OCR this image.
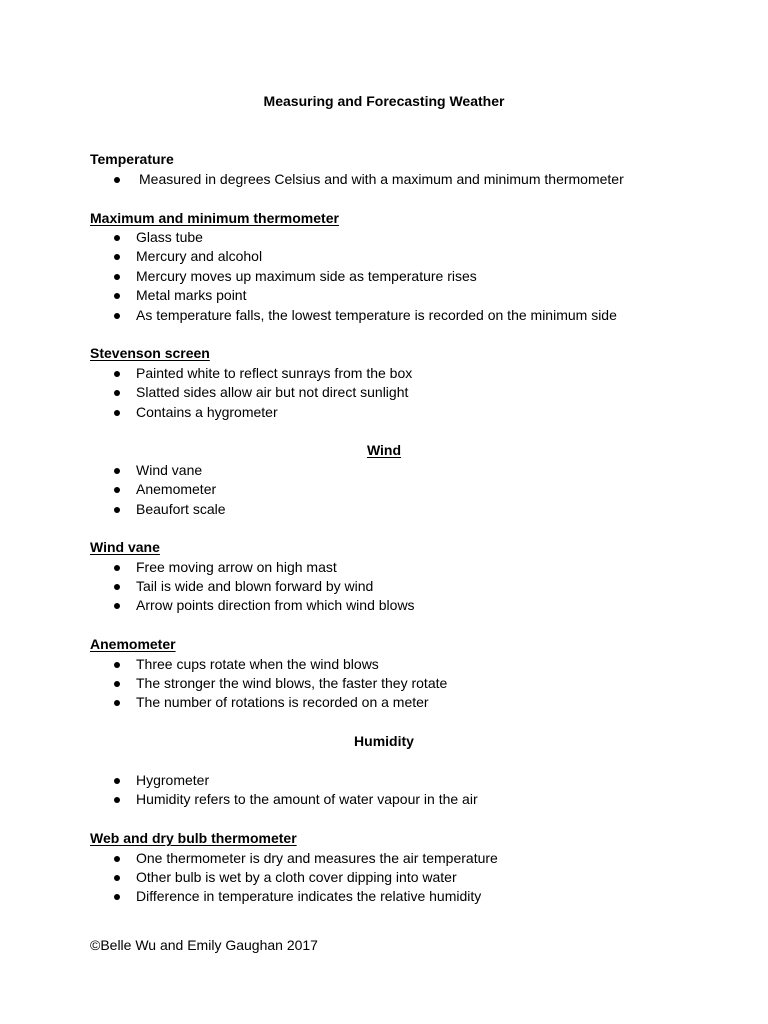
Measuring and Forecasting Weather
Temperature
Measured in degrees Celsius and with a maximum and minimum thermometer
Maximum and minimum thermometer
Glass tube
Mercury and alcohol
Mercury moves up maximum side as temperature rises
Metal marks point
As temperature falls, the lowest temperature is recorded on the minimum side
Stevenson screen
Painted white to reflect sunrays from the box
Slatted sides allow air but not direct sunlight
Contains a hygrometer
Wind
Wind vane
Anemometer
Beaufort scale
Wind vane
Free moving arrow on high mast
Tail is wide and blown forward by wind
Arrow points direction from which wind blows
Anemometer
Three cups rotate when the wind blows
The stronger the wind blows, the faster they rotate
The number of rotations is recorded on a meter
Humidity
Hygrometer
Humidity refers to the amount of water vapour in the air
Web and dry bulb thermometer
One thermometer is dry and measures the air temperature
Other bulb is wet by a cloth cover dipping into water
Difference in temperature indicates the relative humidity
©Belle Wu and Emily Gaughan 2017
